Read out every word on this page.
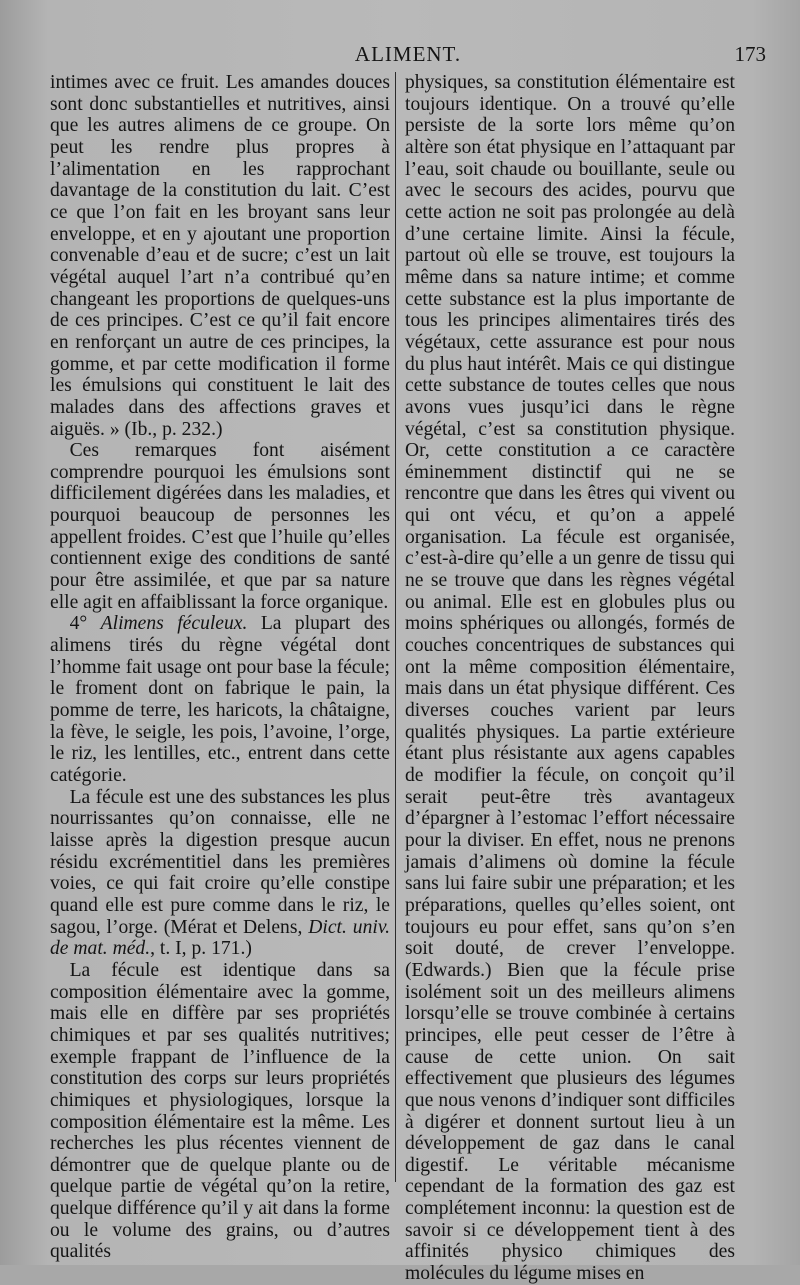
ALIMENT.	173

intimes avec ce fruit. Les amandes douces sont donc substantielles et nutritives, ainsi que les autres alimens de ce groupe. On peut les rendre plus propres à l’alimentation en les rapprochant davantage de la constitution du lait. C’est ce que l’on fait en les broyant sans leur enveloppe, et en y ajoutant une proportion convenable d’eau et de sucre; c’est un lait végétal auquel l’art n’a contribué qu’en changeant les proportions de quelques-uns de ces principes. C’est ce qu’il fait encore en renforçant un autre de ces principes, la gomme, et par cette modification il forme les émulsions qui constituent le lait des malades dans des affections graves et aiguës. » (Ib., p. 232.)

Ces remarques font aisément comprendre pourquoi les émulsions sont difficilement digérées dans les maladies, et pourquoi beaucoup de personnes les appellent froides. C’est que l’huile qu’elles contiennent exige des conditions de santé pour être assimilée, et que par sa nature elle agit en affaiblissant la force organique.

4° Alimens féculeux. La plupart des alimens tirés du règne végétal dont l’homme fait usage ont pour base la fécule; le froment dont on fabrique le pain, la pomme de terre, les haricots, la châtaigne, la fève, le seigle, les pois, l’avoine, l’orge, le riz, les lentilles, etc., entrent dans cette catégorie.

La fécule est une des substances les plus nourrissantes qu’on connaisse, elle ne laisse après la digestion presque aucun résidu excrémentitiel dans les premières voies, ce qui fait croire qu’elle constipe quand elle est pure comme dans le riz, le sagou, l’orge. (Mérat et Delens, Dict. univ. de mat. méd., t. I, p. 171.)

La fécule est identique dans sa composition élémentaire avec la gomme, mais elle en diffère par ses propriétés chimiques et par ses qualités nutritives; exemple frappant de l’influence de la constitution des corps sur leurs propriétés chimiques et physiologiques, lorsque la composition élémentaire est la même. Les recherches les plus récentes viennent de démontrer que de quelque plante ou de quelque partie de végétal qu’on la retire, quelque différence qu’il y ait dans la forme ou le volume des grains, ou d’autres qualités

physiques, sa constitution élémentaire est toujours identique. On a trouvé qu’elle persiste de la sorte lors même qu’on altère son état physique en l’attaquant par l’eau, soit chaude ou bouillante, seule ou avec le secours des acides, pourvu que cette action ne soit pas prolongée au delà d’une certaine limite. Ainsi la fécule, partout où elle se trouve, est toujours la même dans sa nature intime; et comme cette substance est la plus importante de tous les principes alimentaires tirés des végétaux, cette assurance est pour nous du plus haut intérêt. Mais ce qui distingue cette substance de toutes celles que nous avons vues jusqu’ici dans le règne végétal, c’est sa constitution physique. Or, cette constitution a ce caractère éminemment distinctif qui ne se rencontre que dans les êtres qui vivent ou qui ont vécu, et qu’on a appelé organisation. La fécule est organisée, c’est-à-dire qu’elle a un genre de tissu qui ne se trouve que dans les règnes végétal ou animal. Elle est en globules plus ou moins sphériques ou allongés, formés de couches concentriques de substances qui ont la même composition élémentaire, mais dans un état physique différent. Ces diverses couches varient par leurs qualités physiques. La partie extérieure étant plus résistante aux agens capables de modifier la fécule, on conçoit qu’il serait peut-être très avantageux d’épargner à l’estomac l’effort nécessaire pour la diviser. En effet, nous ne prenons jamais d’alimens où domine la fécule sans lui faire subir une préparation; et les préparations, quelles qu’elles soient, ont toujours eu pour effet, sans qu’on s’en soit douté, de crever l’enveloppe. (Edwards.) Bien que la fécule prise isolément soit un des meilleurs alimens lorsqu’elle se trouve combinée à certains principes, elle peut cesser de l’être à cause de cette union. On sait effectivement que plusieurs des légumes que nous venons d’indiquer sont difficiles à digérer et donnent surtout lieu à un développement de gaz dans le canal digestif. Le véritable mécanisme cependant de la formation des gaz est complétement inconnu: la question est de savoir si ce développement tient à des affinités physico chimiques des molécules du légume mises en
